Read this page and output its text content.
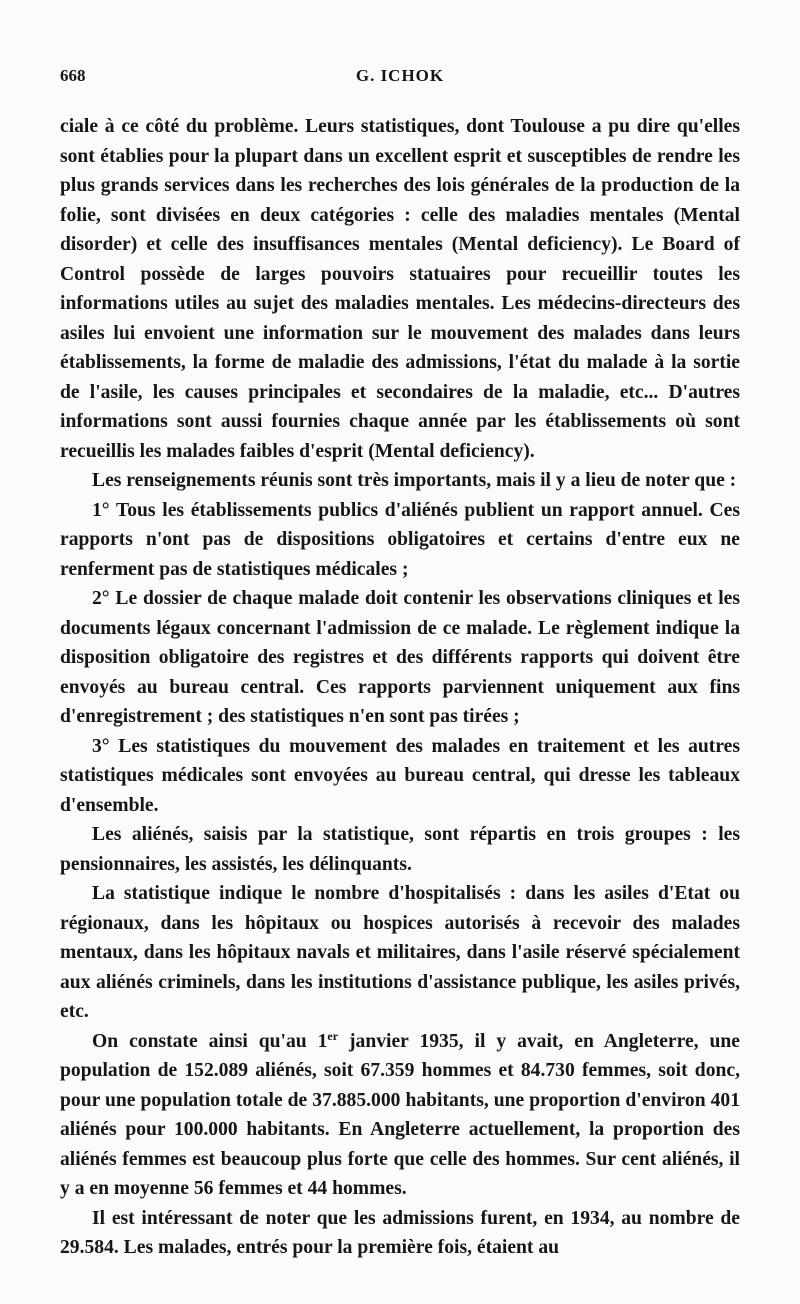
668	G. ICHOK

ciale à ce côté du problème. Leurs statistiques, dont Toulouse a pu dire qu'elles sont établies pour la plupart dans un excellent esprit et susceptibles de rendre les plus grands services dans les recherches des lois générales de la production de la folie, sont divisées en deux catégories : celle des maladies mentales (Mental disorder) et celle des insuffisances mentales (Mental deficiency). Le Board of Control possède de larges pouvoirs statuaires pour recueillir toutes les informations utiles au sujet des maladies mentales. Les médecins-directeurs des asiles lui envoient une information sur le mouvement des malades dans leurs établissements, la forme de maladie des admissions, l'état du malade à la sortie de l'asile, les causes principales et secondaires de la maladie, etc... D'autres informations sont aussi fournies chaque année par les établissements où sont recueillis les malades faibles d'esprit (Mental deficiency).

Les renseignements réunis sont très importants, mais il y a lieu de noter que :

1° Tous les établissements publics d'aliénés publient un rapport annuel. Ces rapports n'ont pas de dispositions obligatoires et certains d'entre eux ne renferment pas de statistiques médicales ;

2° Le dossier de chaque malade doit contenir les observations cliniques et les documents légaux concernant l'admission de ce malade. Le règlement indique la disposition obligatoire des registres et des différents rapports qui doivent être envoyés au bureau central. Ces rapports parviennent uniquement aux fins d'enregistrement ; des statistiques n'en sont pas tirées ;

3° Les statistiques du mouvement des malades en traitement et les autres statistiques médicales sont envoyées au bureau central, qui dresse les tableaux d'ensemble.

Les aliénés, saisis par la statistique, sont répartis en trois groupes : les pensionnaires, les assistés, les délinquants.

La statistique indique le nombre d'hospitalisés : dans les asiles d'Etat ou régionaux, dans les hôpitaux ou hospices autorisés à recevoir des malades mentaux, dans les hôpitaux navals et militaires, dans l'asile réservé spécialement aux aliénés criminels, dans les institutions d'assistance publique, les asiles privés, etc.

On constate ainsi qu'au 1er janvier 1935, il y avait, en Angleterre, une population de 152.089 aliénés, soit 67.359 hommes et 84.730 femmes, soit donc, pour une population totale de 37.885.000 habitants, une proportion d'environ 401 aliénés pour 100.000 habitants. En Angleterre actuellement, la proportion des aliénés femmes est beaucoup plus forte que celle des hommes. Sur cent aliénés, il y a en moyenne 56 femmes et 44 hommes.

Il est intéressant de noter que les admissions furent, en 1934, au nombre de 29.584. Les malades, entrés pour la première fois, étaient au
